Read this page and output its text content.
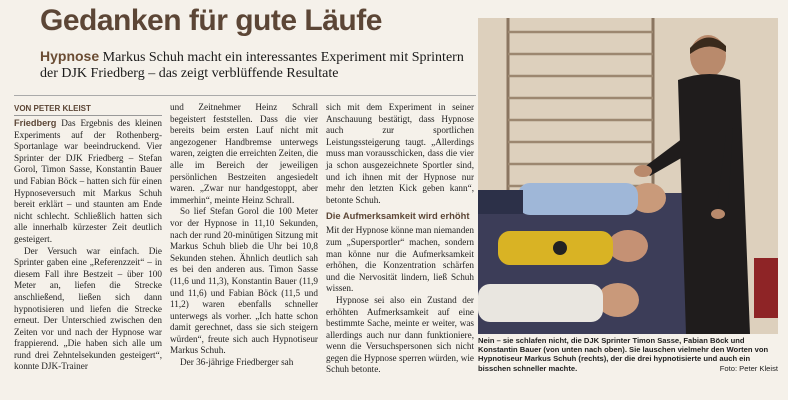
Gedanken für gute Läufe
Hypnose Markus Schuh macht ein interessantes Experiment mit Sprintern der DJK Friedberg – das zeigt verblüffende Resultate
VON PETER KLEIST

Friedberg Das Ergebnis des kleinen Experiments auf der Rothenberg-Sportanlage war beeindruckend. Vier Sprinter der DJK Friedberg – Stefan Gorol, Timon Sasse, Konstantin Bauer und Fabian Böck – hatten sich für einen Hypnoseversuch mit Markus Schuh bereit erklärt – und staunten am Ende nicht schlecht. Schließlich hatten sich alle innerhalb kürzester Zeit deutlich gesteigert.

Der Versuch war einfach. Die Sprinter gaben eine „Referenzzeit“ – in diesem Fall ihre Bestzeit – über 100 Meter an, liefen die Strecke anschließend, ließen sich dann hypnotisieren und liefen die Strecke erneut. Der Unterschied zwischen den Zeiten vor und nach der Hypnose war frappierend. „Die haben sich alle um rund drei Zehntelsekunden gesteigert“, konnte DJK-Trainer

und Zeitnehmer Heinz Schrall begeistert feststellen. Dass die vier bereits beim ersten Lauf nicht mit angezogener Handbremse unterwegs waren, zeigten die erreichten Zeiten, die alle im Bereich der jeweiligen persönlichen Bestzeiten angesiedelt waren. „Zwar nur handgestoppt, aber immerhin“, meinte Heinz Schrall.

So lief Stefan Gorol die 100 Meter vor der Hypnose in 11,10 Sekunden, nach der rund 20-minütigen Sitzung mit Markus Schuh blieb die Uhr bei 10,8 Sekunden stehen. Ähnlich deutlich sah es bei den anderen aus. Timon Sasse (11,6 und 11,3), Konstantin Bauer (11,9 und 11,6) und Fabian Böck (11,5 und 11,2) waren ebenfalls schneller unterwegs als vorher. „Ich hatte schon damit gerechnet, dass sie sich steigern würden“, freute sich auch Hypnotiseur Markus Schuh.

Der 36-jährige Friedberger sah

sich mit dem Experiment in seiner Anschauung bestätigt, dass Hypnose auch zur sportlichen Leistungssteigerung taugt. „Allerdings muss man vorausschicken, dass die vier ja schon ausgezeichnete Sportler sind, und ich ihnen mit der Hypnose nur mehr den letzten Kick geben kann“, betonte Schuh.

Die Aufmerksamkeit wird erhöht

Mit der Hypnose könne man niemanden zum „Supersportler“ machen, sondern man könne nur die Aufmerksamkeit erhöhen, die Konzentration schärfen und die Nervosität lindern, ließ Schuh wissen.

Hypnose sei also ein Zustand der erhöhten Aufmerksamkeit auf eine bestimmte Sache, meinte er weiter, was allerdings auch nur dann funktioniere, wenn die Versuchspersonen sich nicht gegen die Hypnose sperren würden, wie Schuh betonte.

Nein – sie schlafen nicht, die DJK Sprinter Timon Sasse, Fabian Böck und Konstantin Bauer (von unten nach oben). Sie lauschen vielmehr den Worten von Hypnotiseur Markus Schuh (rechts), der die drei hypnotisierte und auch ein bisschen schneller machte.	Foto: Peter Kleist
